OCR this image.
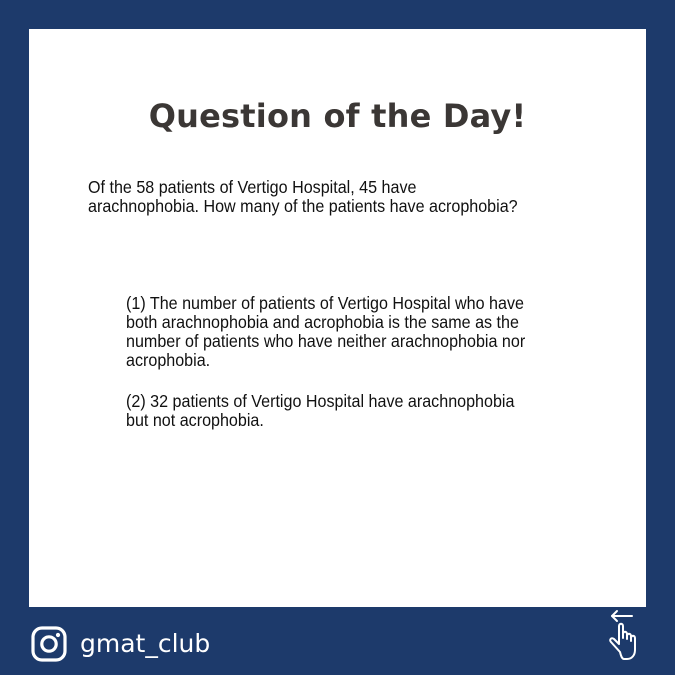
Question of the Day!

Of the 58 patients of Vertigo Hospital, 45 have
arachnophobia. How many of the patients have acrophobia?

(1) The number of patients of Vertigo Hospital who have
both arachnophobia and acrophobia is the same as the
number of patients who have neither arachnophobia nor
acrophobia.

(2) 32 patients of Vertigo Hospital have arachnophobia
but not acrophobia.

gmat_club
